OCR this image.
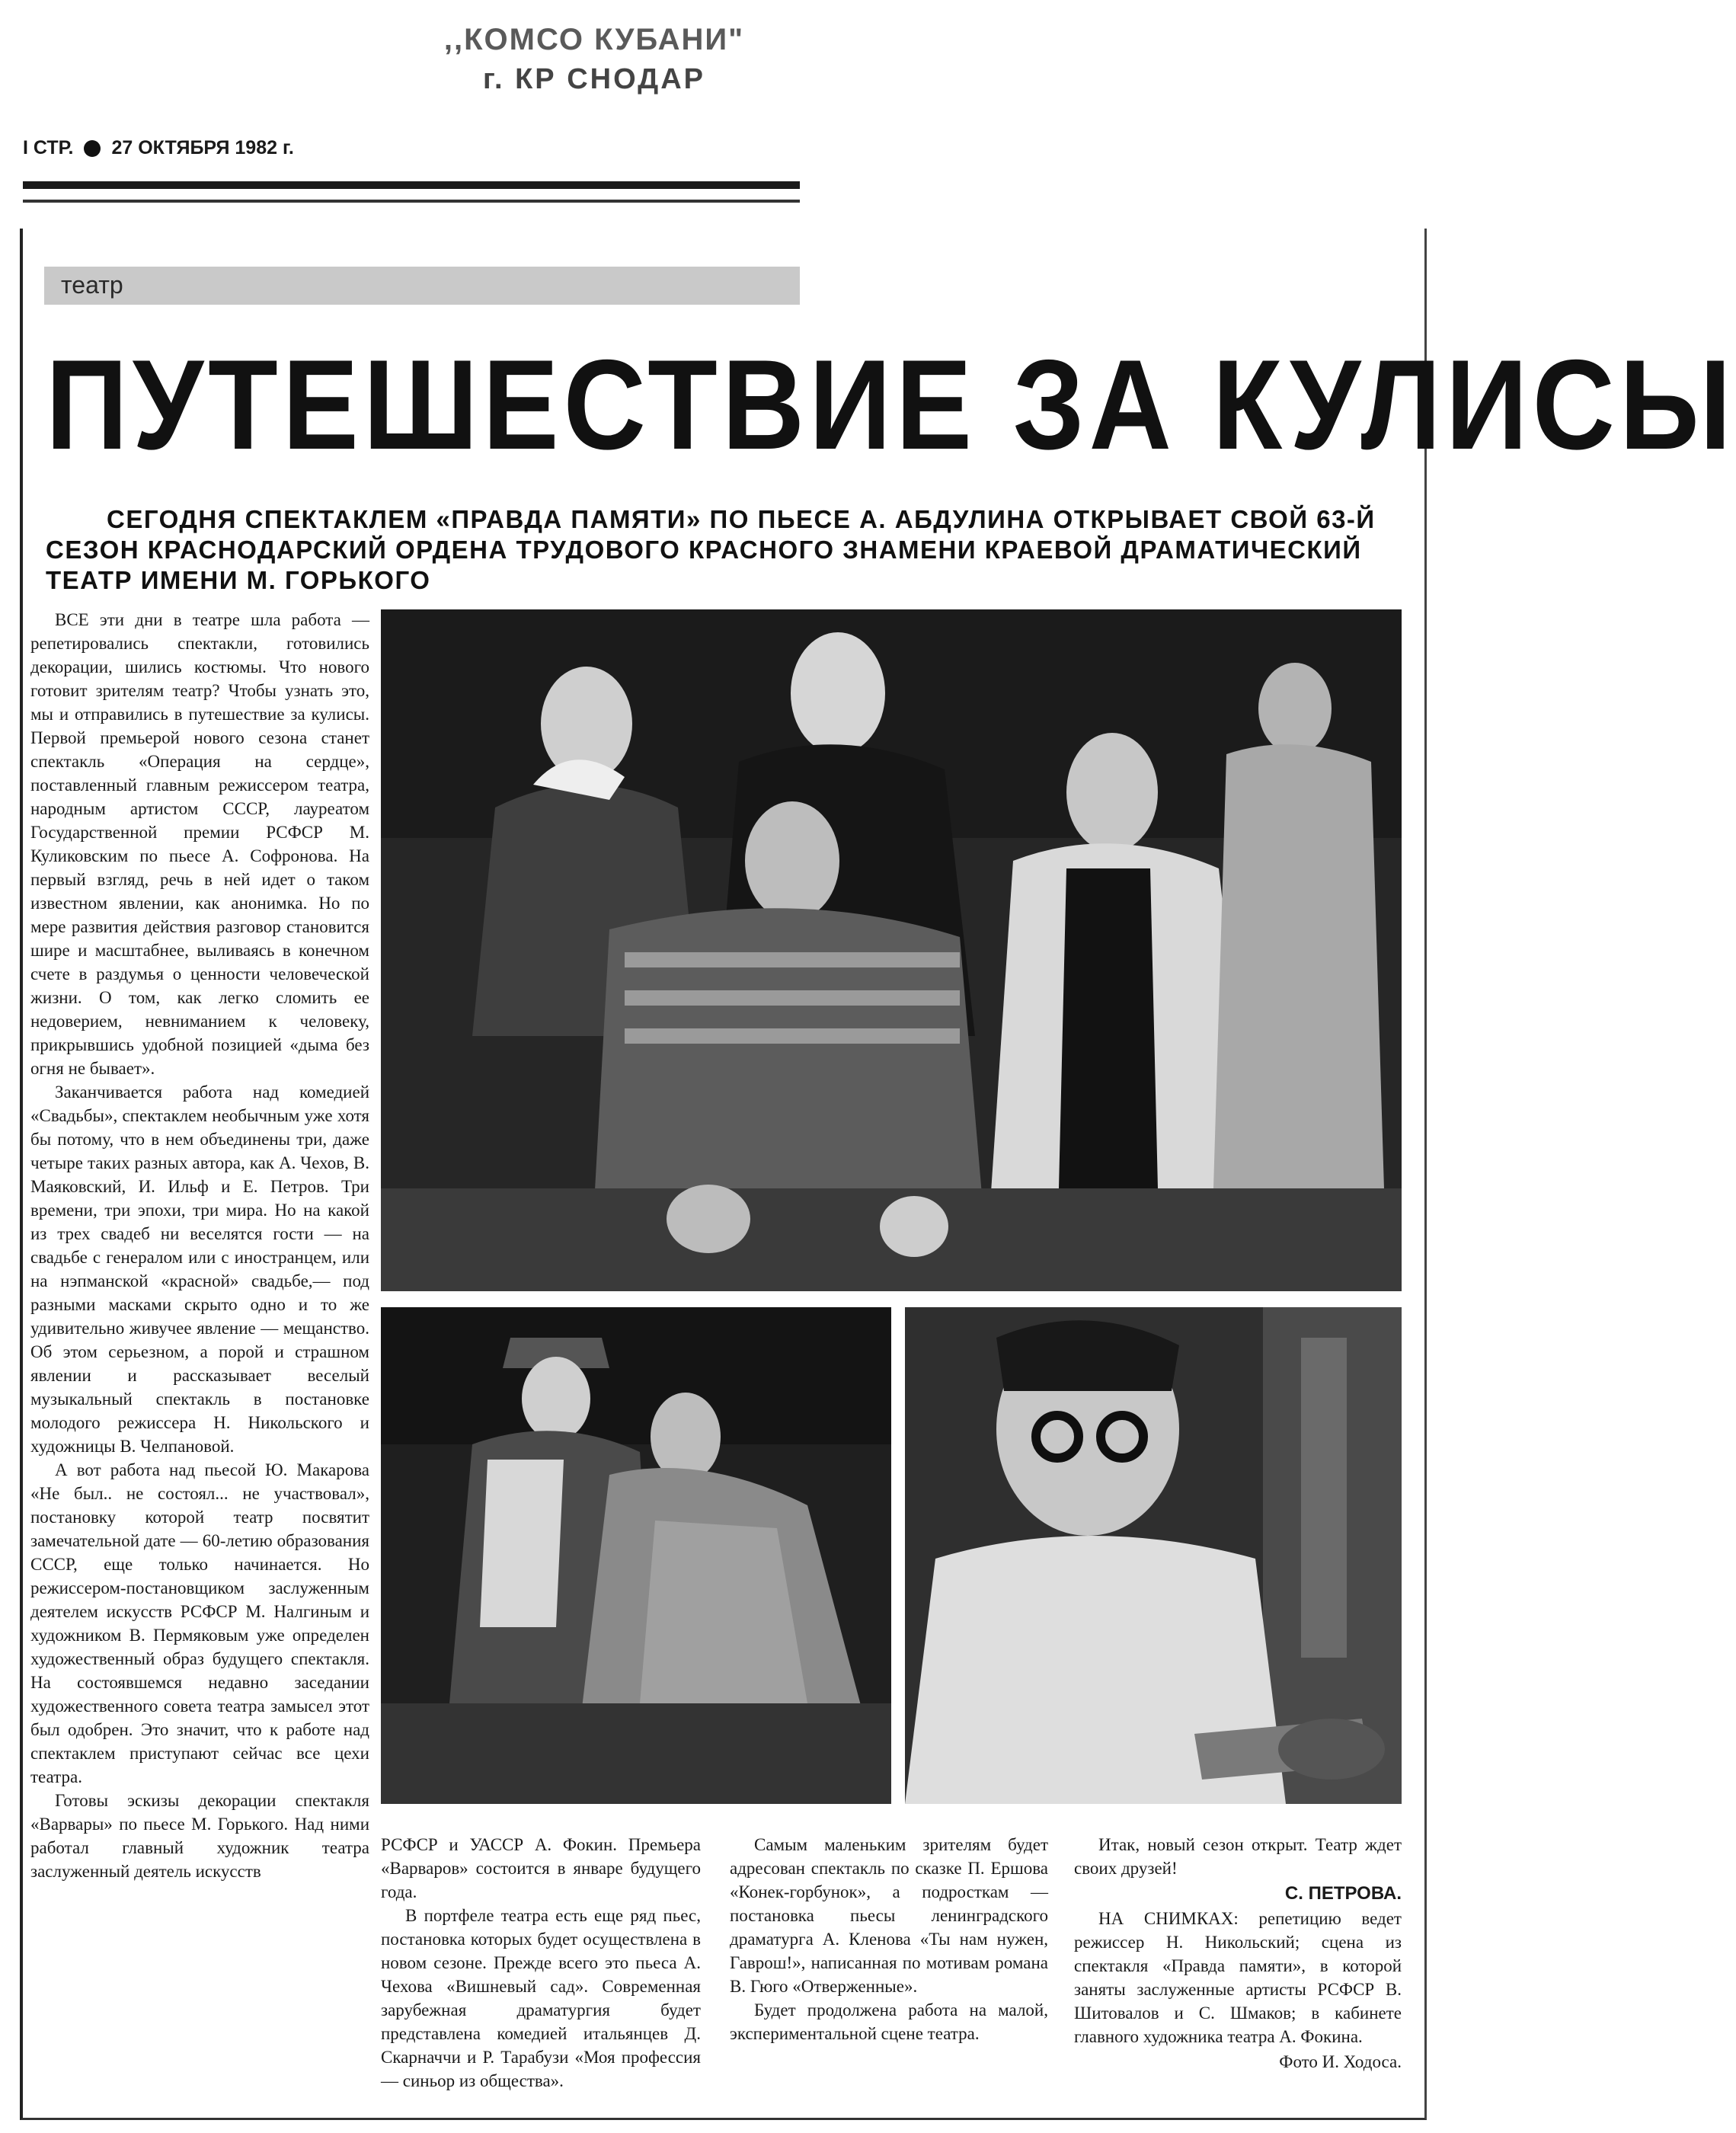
,,КОМСО КУБАНИ"
г. КР СНОДАР
I СТР. 27 ОКТЯБРЯ 1982 г.
театр
ПУТЕШЕСТВИЕ ЗА КУЛИСЫ

СЕГОДНЯ СПЕКТАКЛЕМ «ПРАВДА ПАМЯТИ» ПО ПЬЕСЕ А. АБДУЛИНА ОТКРЫВАЕТ СВОЙ 63-Й СЕЗОН КРАСНОДАРСКИЙ ОРДЕНА ТРУДОВОГО КРАСНОГО ЗНАМЕНИ КРАЕВОЙ ДРАМАТИЧЕСКИЙ ТЕАТР ИМЕНИ М. ГОРЬКОГО

ВСЕ эти дни в театре шла работа — репетировались спектакли, готовились декорации, шились костюмы. Что нового готовит зрителям театр? Чтобы узнать это, мы и отправились в путешествие за кулисы. Первой премьерой нового сезона станет спектакль «Операция на сердце», поставленный главным режиссером театра, народным артистом СССР, лауреатом Государственной премии РСФСР М. Куликовским по пьесе А. Софронова. На первый взгляд, речь в ней идет о таком известном явлении, как анонимка. Но по мере развития действия разговор становится шире и масштабнее, выливаясь в конечном счете в раздумья о ценности человеческой жизни. О том, как легко сломить ее недоверием, невниманием к человеку, прикрывшись удобной позицией «дыма без огня не бывает».

Заканчивается работа над комедией «Свадьбы», спектаклем необычным уже хотя бы потому, что в нем объединены три, даже четыре таких разных автора, как А. Чехов, В. Маяковский, И. Ильф и Е. Петров. Три времени, три эпохи, три мира. Но на какой из трех свадеб ни веселятся гости — на свадьбе с генералом или с иностранцем, или на нэпманской «красной» свадьбе,— под разными масками скрыто одно и то же удивительно живучее явление — мещанство. Об этом серьезном, а порой и страшном явлении и рассказывает веселый музыкальный спектакль в постановке молодого режиссера Н. Никольского и художницы В. Челпановой.

А вот работа над пьесой Ю. Макарова «Не был.. не состоял... не участвовал», постановку которой театр посвятит замечательной дате — 60-летию образования СССР, еще только начинается. Но режиссером-постановщиком заслуженным деятелем искусств РСФСР М. Налгиным и художником В. Пермяковым уже определен художественный образ будущего спектакля. На состоявшемся недавно заседании художественного совета театра замысел этот был одобрен. Это значит, что к работе над спектаклем приступают сейчас все цехи театра.

Готовы эскизы декорации спектакля «Варвары» по пьесе М. Горького. Над ними работал главный художник театра заслуженный деятель искусств

РСФСР и УАССР А. Фокин. Премьера «Варваров» состоится в январе будущего года.

В портфеле театра есть еще ряд пьес, постановка которых будет осуществлена в новом сезоне. Прежде всего это пьеса А. Чехова «Вишневый сад». Современная зарубежная драматургия будет представлена комедией итальянцев Д. Скарначчи и Р. Тарабузи «Моя профессия — синьор из общества».

Самым маленьким зрителям будет адресован спектакль по сказке П. Ершова «Конек-горбунок», а подросткам — постановка пьесы ленинградского драматурга А. Кленова «Ты нам нужен, Гаврош!», написанная по мотивам романа В. Гюго «Отверженные».

Будет продолжена работа на малой, экспериментальной сцене театра.

Итак, новый сезон открыт. Театр ждет своих друзей!

С. ПЕТРОВА.

НА СНИМКАХ: репетицию ведет режиссер Н. Никольский; сцена из спектакля «Правда памяти», в которой заняты заслуженные артисты РСФСР В. Шитовалов и С. Шмаков; в кабинете главного художника театра А. Фокина.

Фото И. Ходоса.
